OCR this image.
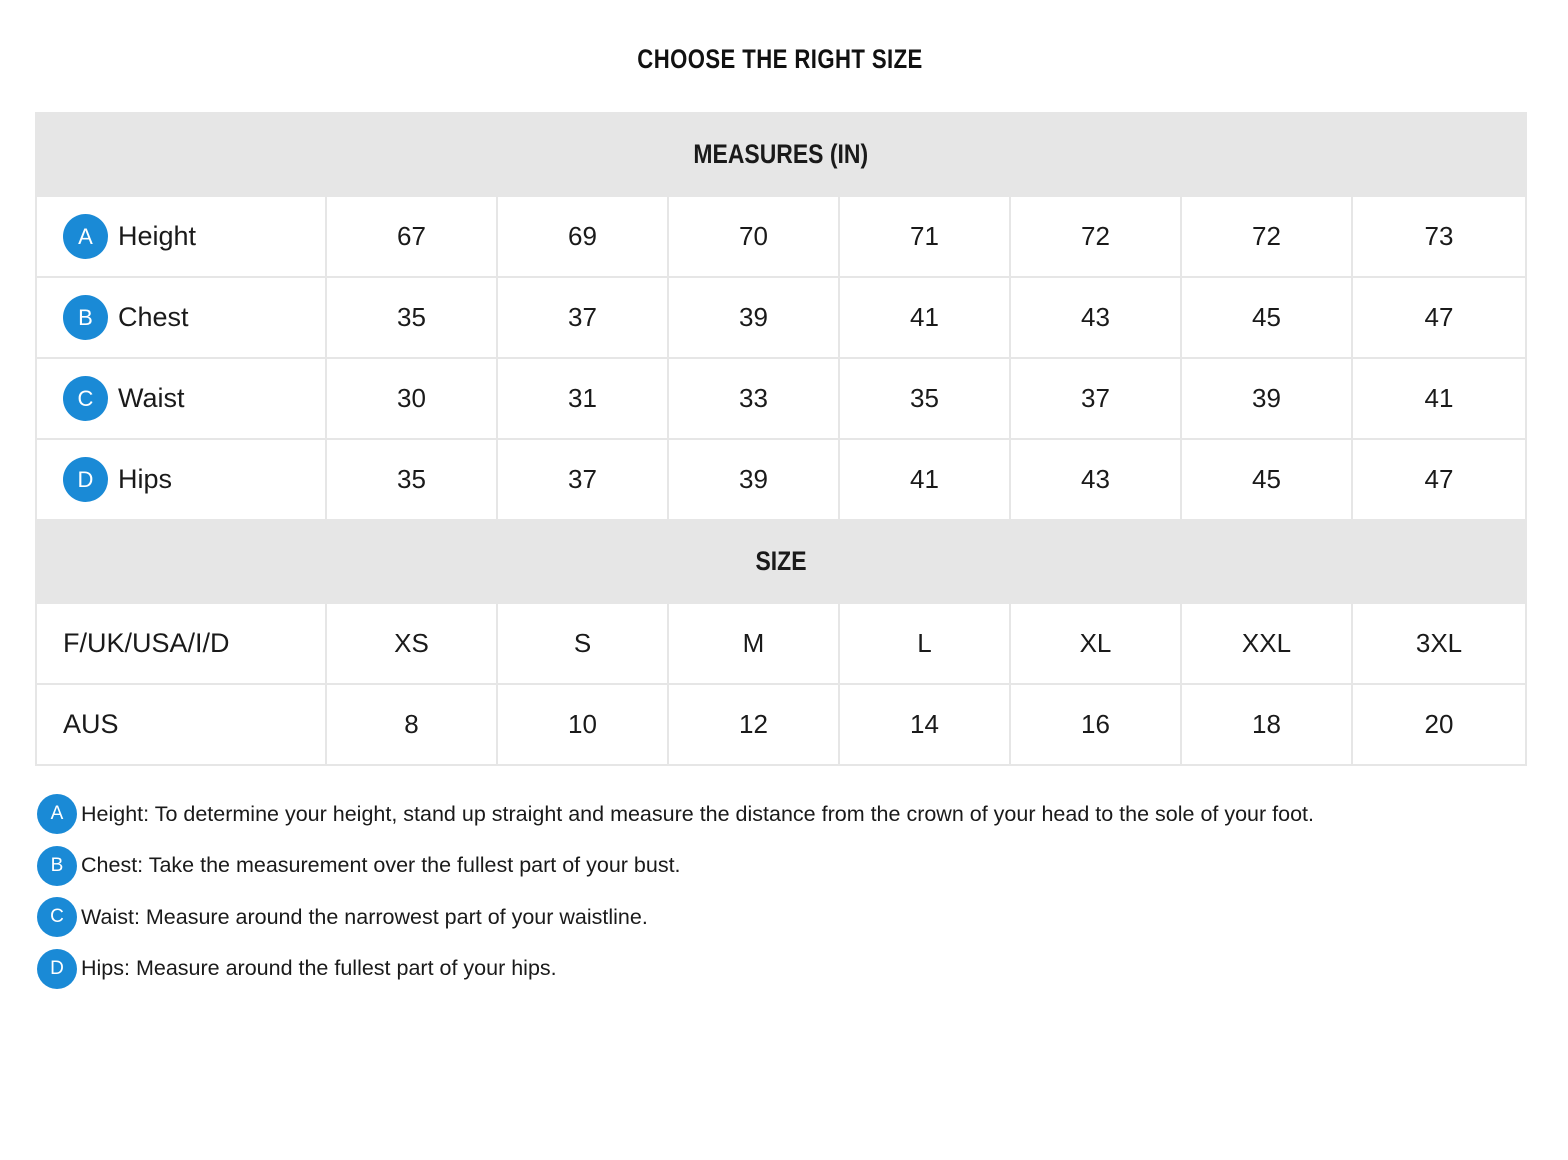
CHOOSE THE RIGHT SIZE
MEASURES (IN)							
A Height	67	69	70	71	72	72	73
B Chest	35	37	39	41	43	45	47
C Waist	30	31	33	35	37	39	41
D Hips	35	37	39	41	43	45	47
SIZE							
F/UK/USA/I/D	XS	S	M	L	XL	XXL	3XL
AUS	8	10	12	14	16	18	20
A Height: To determine your height, stand up straight and measure the distance from the crown of your head to the sole of your foot.
B Chest: Take the measurement over the fullest part of your bust.
C Waist: Measure around the narrowest part of your waistline.
D Hips: Measure around the fullest part of your hips.
